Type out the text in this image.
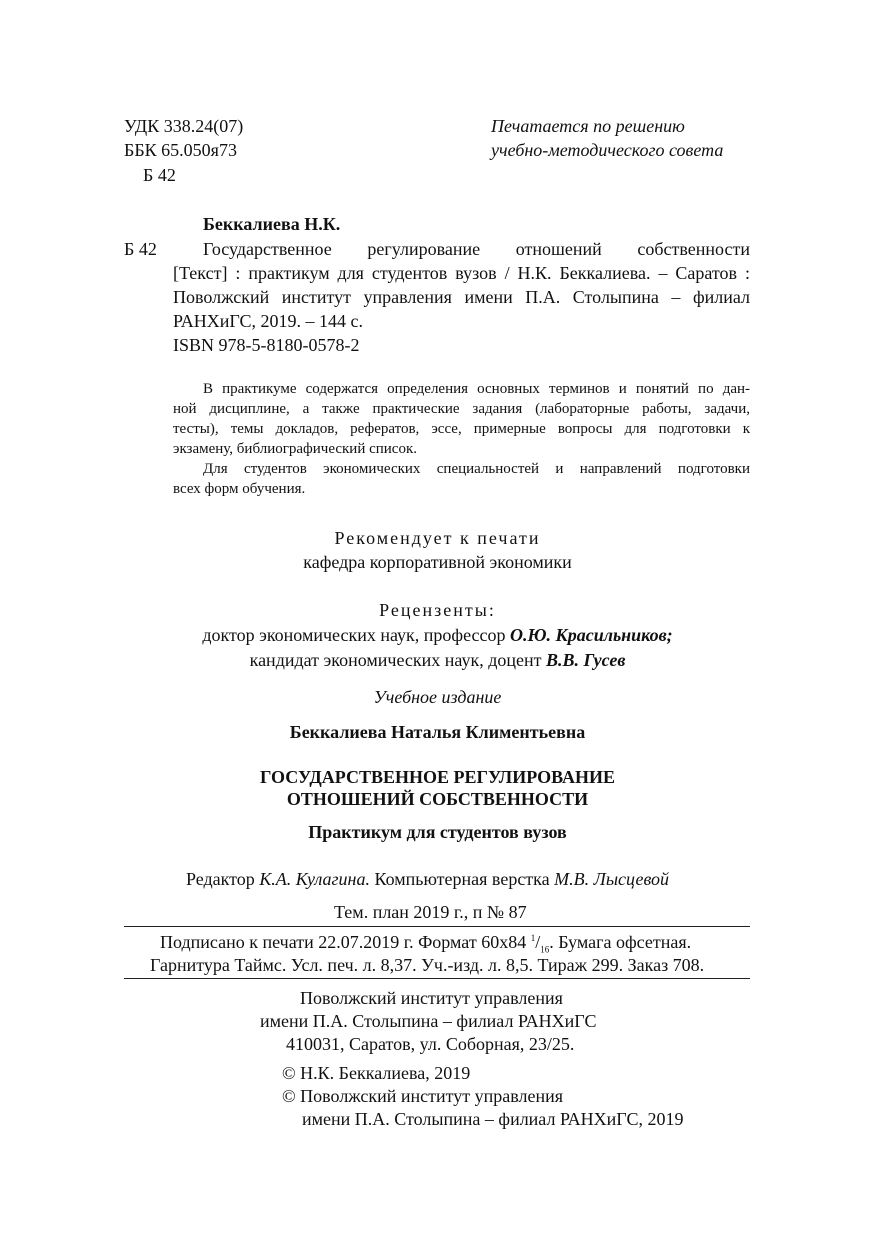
УДК 338.24(07)
ББК 65.050я73
Б 42
Печатается по решению
учебно-методического совета
Беккалиева Н.К.
Б 42	Государственное регулирование отношений собственности
[Текст] : практикум для студентов вузов / Н.К. Беккалиева. – Саратов :
Поволжский институт управления имени П.А. Столыпина – филиал
РАНХиГС, 2019. – 144 с.
ISBN 978-5-8180-0578-2
В практикуме содержатся определения основных терминов и понятий по дан-
ной дисциплине, а также практические задания (лабораторные работы, задачи,
тесты), темы докладов, рефератов, эссе, примерные вопросы для подготовки к
экзамену, библиографический список.
Для студентов экономических специальностей и направлений подготовки
всех форм обучения.
Рекомендует к печати
кафедра корпоративной экономики
Рецензенты:
доктор экономических наук, профессор О.Ю. Красильников;
кандидат экономических наук, доцент В.В. Гусев
Учебное издание
Беккалиева Наталья Климентьевна
ГОСУДАРСТВЕННОЕ РЕГУЛИРОВАНИЕ
ОТНОШЕНИЙ СОБСТВЕННОСТИ
Практикум для студентов вузов
Редактор К.А. Кулагина. Компьютерная верстка М.В. Лысцевой
Тем. план 2019 г., п № 87
Подписано к печати 22.07.2019 г. Формат 60х84 $^1/_{16}$. Бумага офсетная.
Гарнитура Таймс. Усл. печ. л. 8,37. Уч.-изд. л. 8,5. Тираж 299. Заказ 708.
Поволжский институт управления
имени П.А. Столыпина – филиал РАНХиГС
410031, Саратов, ул. Соборная, 23/25.
© Н.К. Беккалиева, 2019
© Поволжский институт управления
имени П.А. Столыпина – филиал РАНХиГС, 2019
